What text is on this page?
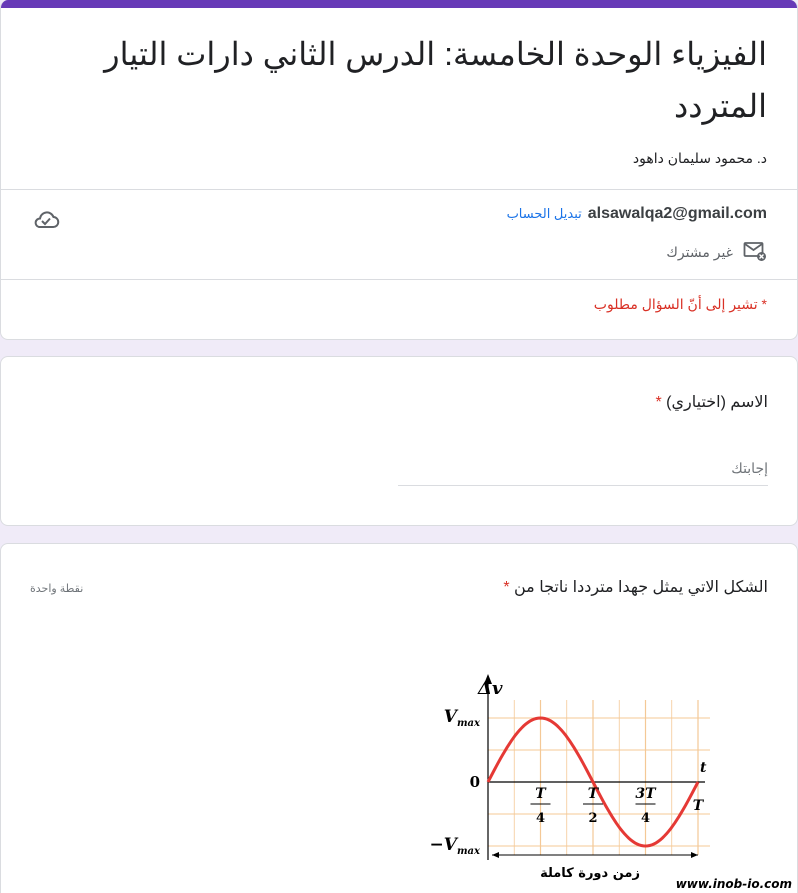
الفيزياء الوحدة الخامسة: الدرس الثاني دارات التيار المتردد
د. محمود سليمان داهود
alsawalqa2@gmail.com
تبديل الحساب
غير مشترك
* تشير إلى أنّ السؤال مطلوب
الاسم (اختياري) *
إجابتك
الشكل الاتي يمثل جهدا مترددا ناتجا من *
نقطة واحدة
Δv
t
$V_{max}$
0
$-V_{max}$
T
4
T
2
3T
4
T
زمن دورة كاملة
www.inob-io.com
